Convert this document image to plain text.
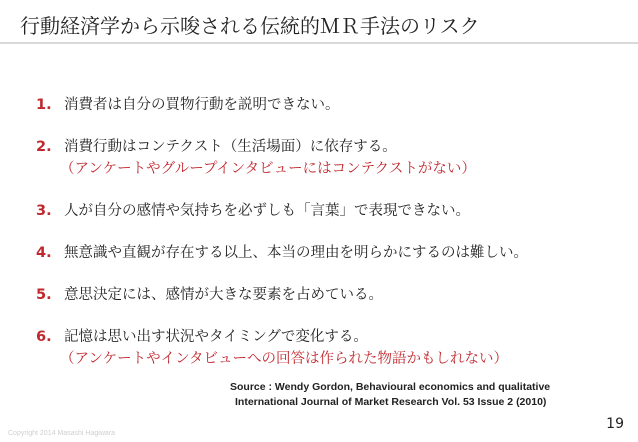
行動経済学から示唆される伝統的ＭＲ手法のリスク
1. 消費者は自分の買物行動を説明できない。
2. 消費行動はコンテクスト（生活場面）に依存する。
（アンケートやグループインタビューにはコンテクストがない）
3. 人が自分の感情や気持ちを必ずしも「言葉」で表現できない。
4. 無意識や直観が存在する以上、本当の理由を明らかにするのは難しい。
5. 意思決定には、感情が大きな要素を占めている。
6. 記憶は思い出す状況やタイミングで変化する。
（アンケートやインタビューへの回答は作られた物語かもしれない）
Source : Wendy Gordon, Behavioural economics and qualitative
International Journal of Market Research Vol. 53 Issue 2 (2010)
19
Copyright 2014 Masashi Hagiwara
